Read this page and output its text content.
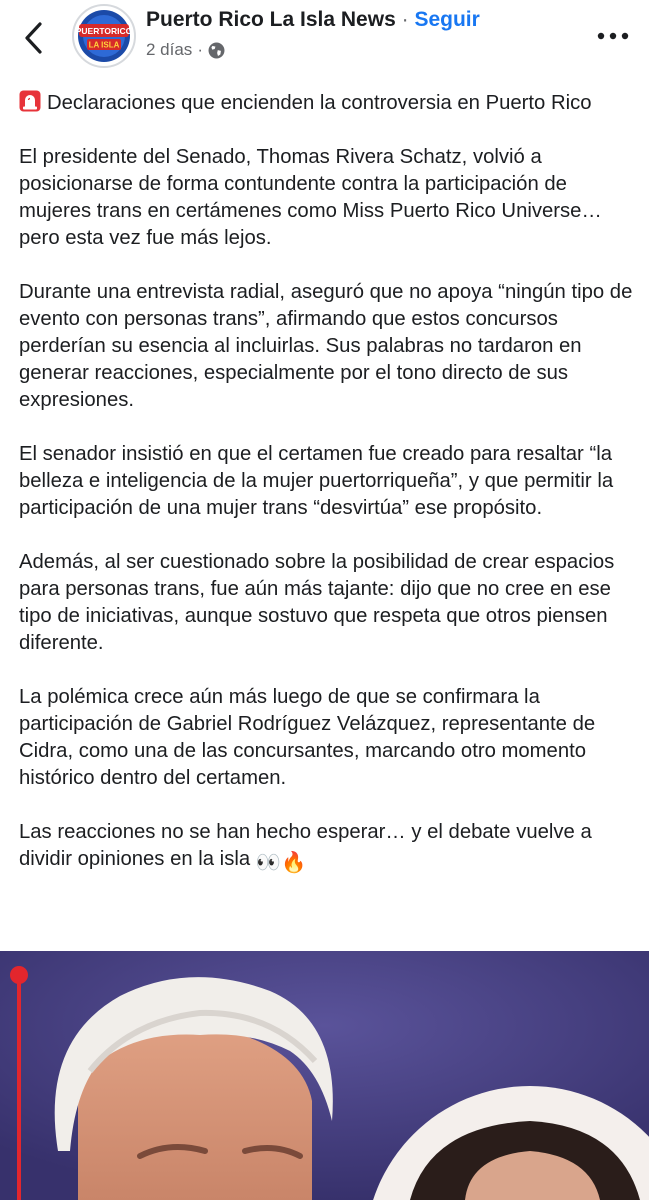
PUERTORICO
LA ISLA
Puerto Rico La Isla News · Seguir
2 días ·

Declaraciones que encienden la controversia en Puerto Rico

El presidente del Senado, Thomas Rivera Schatz, volvió a posicionarse de forma contundente contra la participación de mujeres trans en certámenes como Miss Puerto Rico Universe… pero esta vez fue más lejos.

Durante una entrevista radial, aseguró que no apoya “ningún tipo de evento con personas trans”, afirmando que estos concursos perderían su esencia al incluirlas. Sus palabras no tardaron en generar reacciones, especialmente por el tono directo de sus expresiones.

El senador insistió en que el certamen fue creado para resaltar “la belleza e inteligencia de la mujer puertorriqueña”, y que permitir la participación de una mujer trans “desvirtúa” ese propósito.

Además, al ser cuestionado sobre la posibilidad de crear espacios para personas trans, fue aún más tajante: dijo que no cree en ese tipo de iniciativas, aunque sostuvo que respeta que otros piensen diferente.

La polémica crece aún más luego de que se confirmara la participación de Gabriel Rodríguez Velázquez, representante de Cidra, como una de las concursantes, marcando otro momento histórico dentro del certamen.

Las reacciones no se han hecho esperar… y el debate vuelve a dividir opiniones en la isla 👀🔥
